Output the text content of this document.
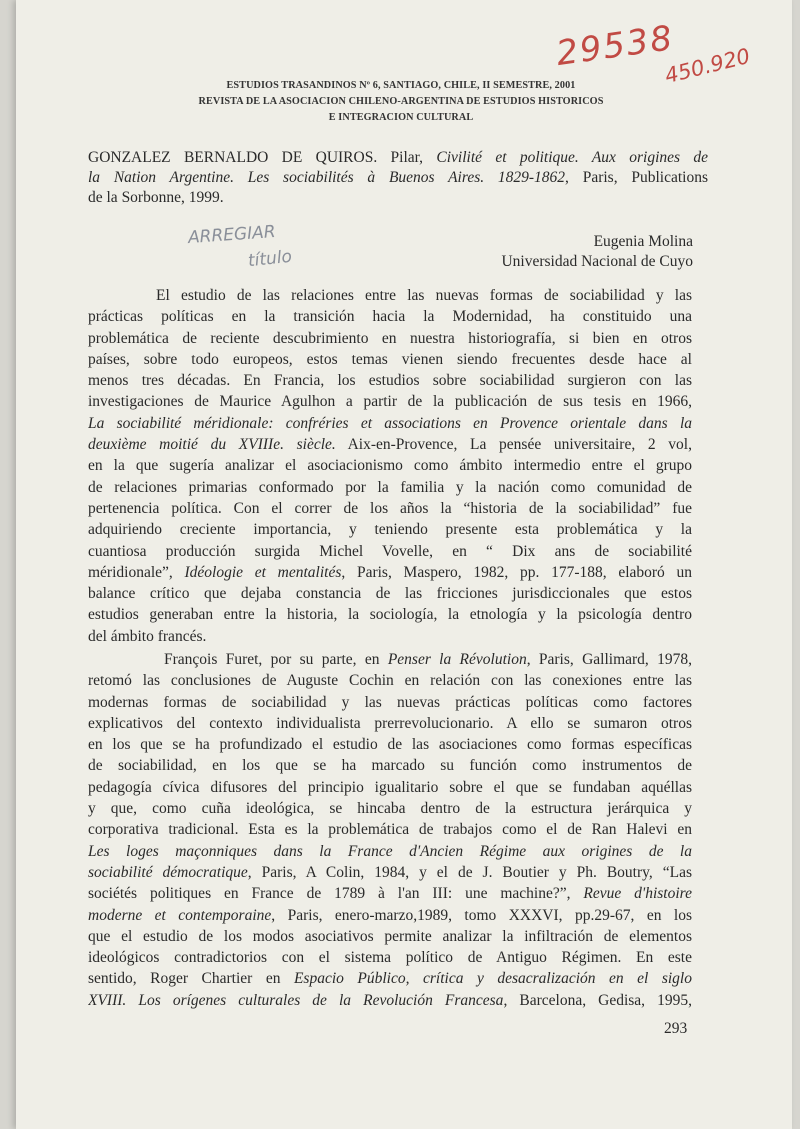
29538
450.920
ARREGIAR
título
ESTUDIOS TRASANDINOS Nº 6, SANTIAGO, CHILE, II SEMESTRE, 2001
REVISTA DE LA ASOCIACION CHILENO-ARGENTINA DE ESTUDIOS HISTORICOS
E INTEGRACION CULTURAL
GONZALEZ BERNALDO DE QUIROS. Pilar, Civilité et politique. Aux origines de
la Nation Argentine. Les sociabilités à Buenos Aires. 1829-1862, Paris, Publications
de la Sorbonne, 1999.
Eugenia Molina
Universidad Nacional de Cuyo
El estudio de las relaciones entre las nuevas formas de sociabilidad y las
prácticas políticas en la transición hacia la Modernidad, ha constituido una
problemática de reciente descubrimiento en nuestra historiografía, si bien en otros
países, sobre todo europeos, estos temas vienen siendo frecuentes desde hace al
menos tres décadas. En Francia, los estudios sobre sociabilidad surgieron con las
investigaciones de Maurice Agulhon a partir de la publicación de sus tesis en 1966,
La sociabilité méridionale: confréries et associations en Provence orientale dans la
deuxième moitié du XVIIIe. siècle. Aix-en-Provence, La pensée universitaire, 2 vol,
en la que sugería analizar el asociacionismo como ámbito intermedio entre el grupo
de relaciones primarias conformado por la familia y la nación como comunidad de
pertenencia política. Con el correr de los años la “historia de la sociabilidad” fue
adquiriendo creciente importancia, y teniendo presente esta problemática y la
cuantiosa producción surgida Michel Vovelle, en “ Dix ans de sociabilité
méridionale”, Idéologie et mentalités, Paris, Maspero, 1982, pp. 177-188, elaboró un
balance crítico que dejaba constancia de las fricciones jurisdiccionales que estos
estudios generaban entre la historia, la sociología, la etnología y la psicología dentro
del ámbito francés.
François Furet, por su parte, en Penser la Révolution, Paris, Gallimard, 1978,
retomó las conclusiones de Auguste Cochin en relación con las conexiones entre las
modernas formas de sociabilidad y las nuevas prácticas políticas como factores
explicativos del contexto individualista prerrevolucionario. A ello se sumaron otros
en los que se ha profundizado el estudio de las asociaciones como formas específicas
de sociabilidad, en los que se ha marcado su función como instrumentos de
pedagogía cívica difusores del principio igualitario sobre el que se fundaban aquéllas
y que, como cuña ideológica, se hincaba dentro de la estructura jerárquica y
corporativa tradicional. Esta es la problemática de trabajos como el de Ran Halevi en
Les loges maçonniques dans la France d'Ancien Régime aux origines de la
sociabilité démocratique, Paris, A Colin, 1984, y el de J. Boutier y Ph. Boutry, “Las
sociétés politiques en France de 1789 à l'an III: une machine?”, Revue d'histoire
moderne et contemporaine, Paris, enero-marzo,1989, tomo XXXVI, pp.29-67, en los
que el estudio de los modos asociativos permite analizar la infiltración de elementos
ideológicos contradictorios con el sistema político de Antiguo Régimen. En este
sentido, Roger Chartier en Espacio Público, crítica y desacralización en el siglo
XVIII. Los orígenes culturales de la Revolución Francesa, Barcelona, Gedisa, 1995,
293
